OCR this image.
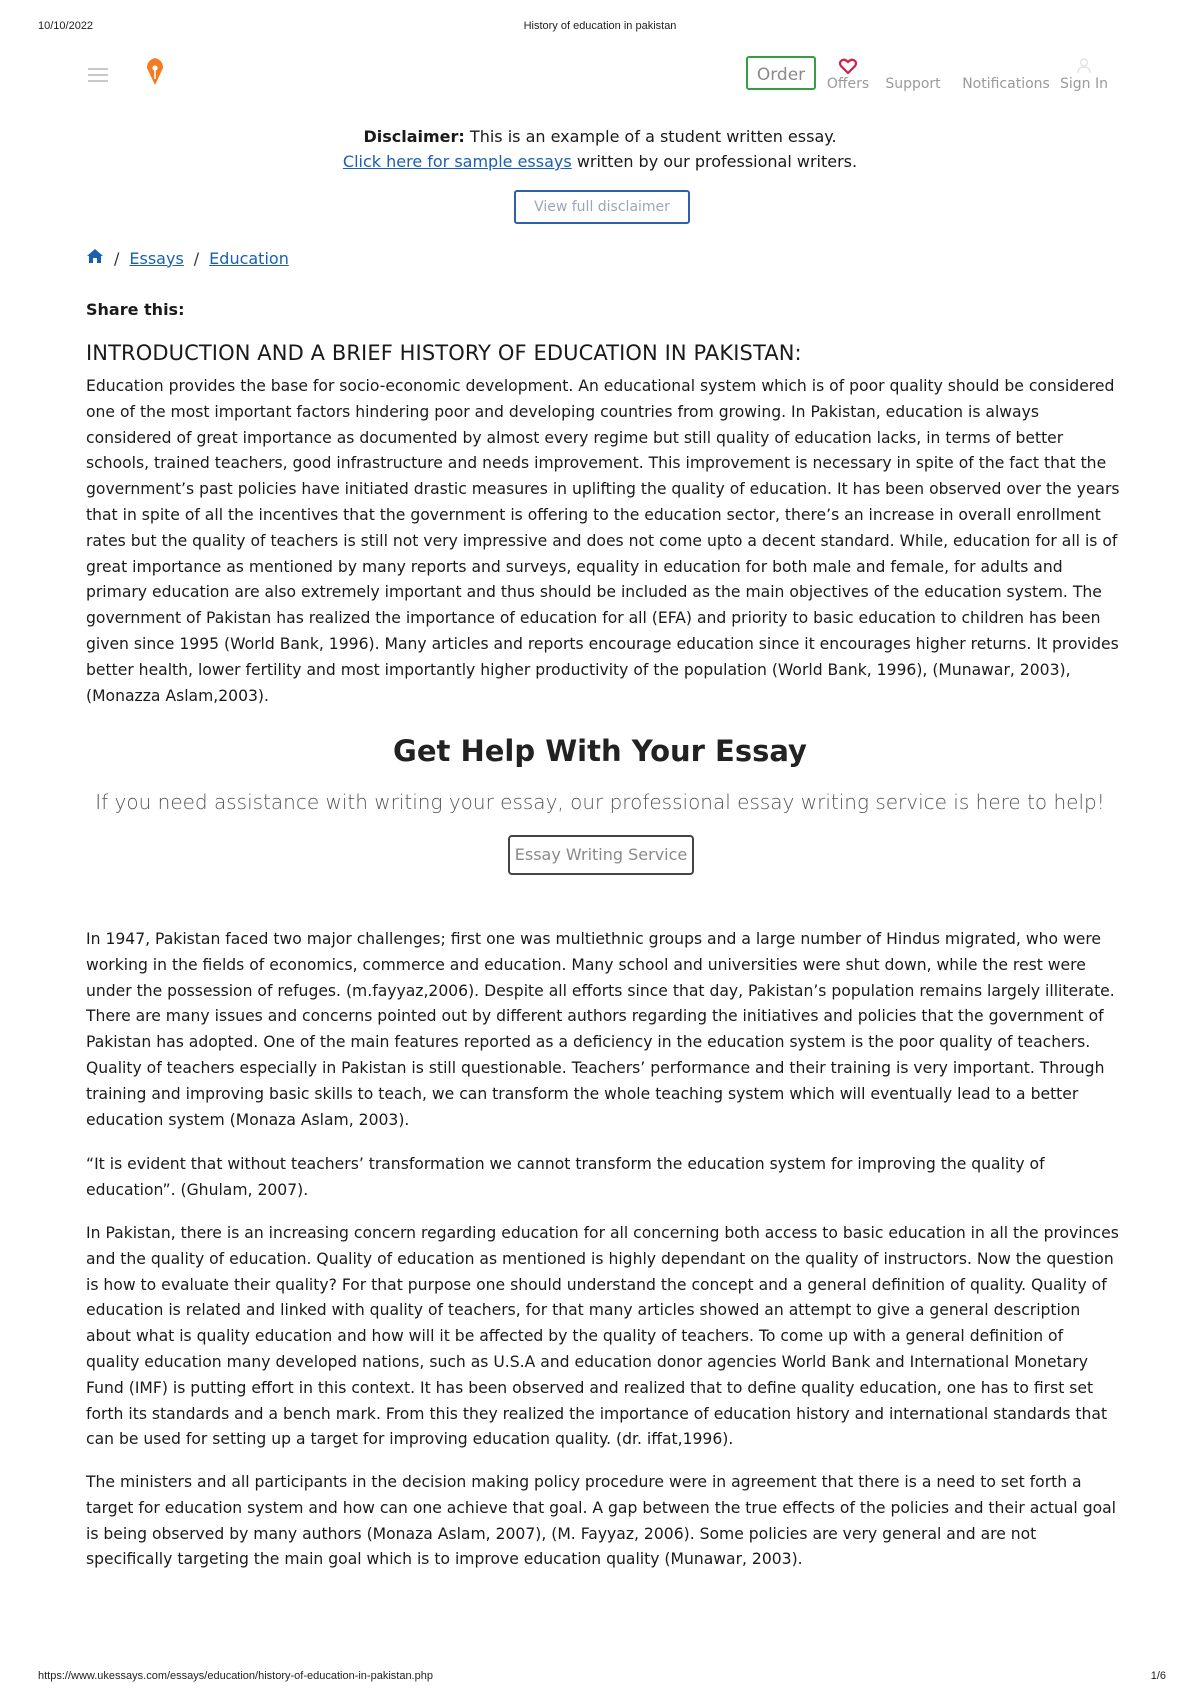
10/10/2022	History of education in pakistan
Order	Offers	Support	Notifications Sign In
Disclaimer: This is an example of a student written essay.
Click here for sample essays written by our professional writers.
View full disclaimer
/ Essays / Education
Share this:
INTRODUCTION AND A BRIEF HISTORY OF EDUCATION IN PAKISTAN:

Education provides the base for socio-economic development. An educational system which is of poor quality should be considered one of the most important factors hindering poor and developing countries from growing. In Pakistan, education is always considered of great importance as documented by almost every regime but still quality of education lacks, in terms of better schools, trained teachers, good infrastructure and needs improvement. This improvement is necessary in spite of the fact that the government’s past policies have initiated drastic measures in uplifting the quality of education. It has been observed over the years that in spite of all the incentives that the government is offering to the education sector, there’s an increase in overall enrollment rates but the quality of teachers is still not very impressive and does not come upto a decent standard. While, education for all is of great importance as mentioned by many reports and surveys, equality in education for both male and female, for adults and primary education are also extremely important and thus should be included as the main objectives of the education system. The government of Pakistan has realized the importance of education for all (EFA) and priority to basic education to children has been given since 1995 (World Bank, 1996). Many articles and reports encourage education since it encourages higher returns. It provides better health, lower fertility and most importantly higher productivity of the population (World Bank, 1996), (Munawar, 2003), (Monazza Aslam,2003).

Get Help With Your Essay
If you need assistance with writing your essay, our professional essay writing service is here to help!
Essay Writing Service

In 1947, Pakistan faced two major challenges; first one was multiethnic groups and a large number of Hindus migrated, who were working in the fields of economics, commerce and education. Many school and universities were shut down, while the rest were under the possession of refuges. (m.fayyaz,2006). Despite all efforts since that day, Pakistan’s population remains largely illiterate. There are many issues and concerns pointed out by different authors regarding the initiatives and policies that the government of Pakistan has adopted. One of the main features reported as a deficiency in the education system is the poor quality of teachers. Quality of teachers especially in Pakistan is still questionable. Teachers’ performance and their training is very important. Through training and improving basic skills to teach, we can transform the whole teaching system which will eventually lead to a better education system (Monaza Aslam, 2003).

“It is evident that without teachers’ transformation we cannot transform the education system for improving the quality of education”. (Ghulam, 2007).

In Pakistan, there is an increasing concern regarding education for all concerning both access to basic education in all the provinces and the quality of education. Quality of education as mentioned is highly dependant on the quality of instructors. Now the question is how to evaluate their quality? For that purpose one should understand the concept and a general definition of quality. Quality of education is related and linked with quality of teachers, for that many articles showed an attempt to give a general description about what is quality education and how will it be affected by the quality of teachers. To come up with a general definition of quality education many developed nations, such as U.S.A and education donor agencies World Bank and International Monetary Fund (IMF) is putting effort in this context. It has been observed and realized that to define quality education, one has to first set forth its standards and a bench mark. From this they realized the importance of education history and international standards that can be used for setting up a target for improving education quality. (dr. iffat,1996).

The ministers and all participants in the decision making policy procedure were in agreement that there is a need to set forth a target for education system and how can one achieve that goal. A gap between the true effects of the policies and their actual goal is being observed by many authors (Monaza Aslam, 2007), (M. Fayyaz, 2006). Some policies are very general and are not specifically targeting the main goal which is to improve education quality (Munawar, 2003).

https://www.ukessays.com/essays/education/history-of-education-in-pakistan.php	1/6
